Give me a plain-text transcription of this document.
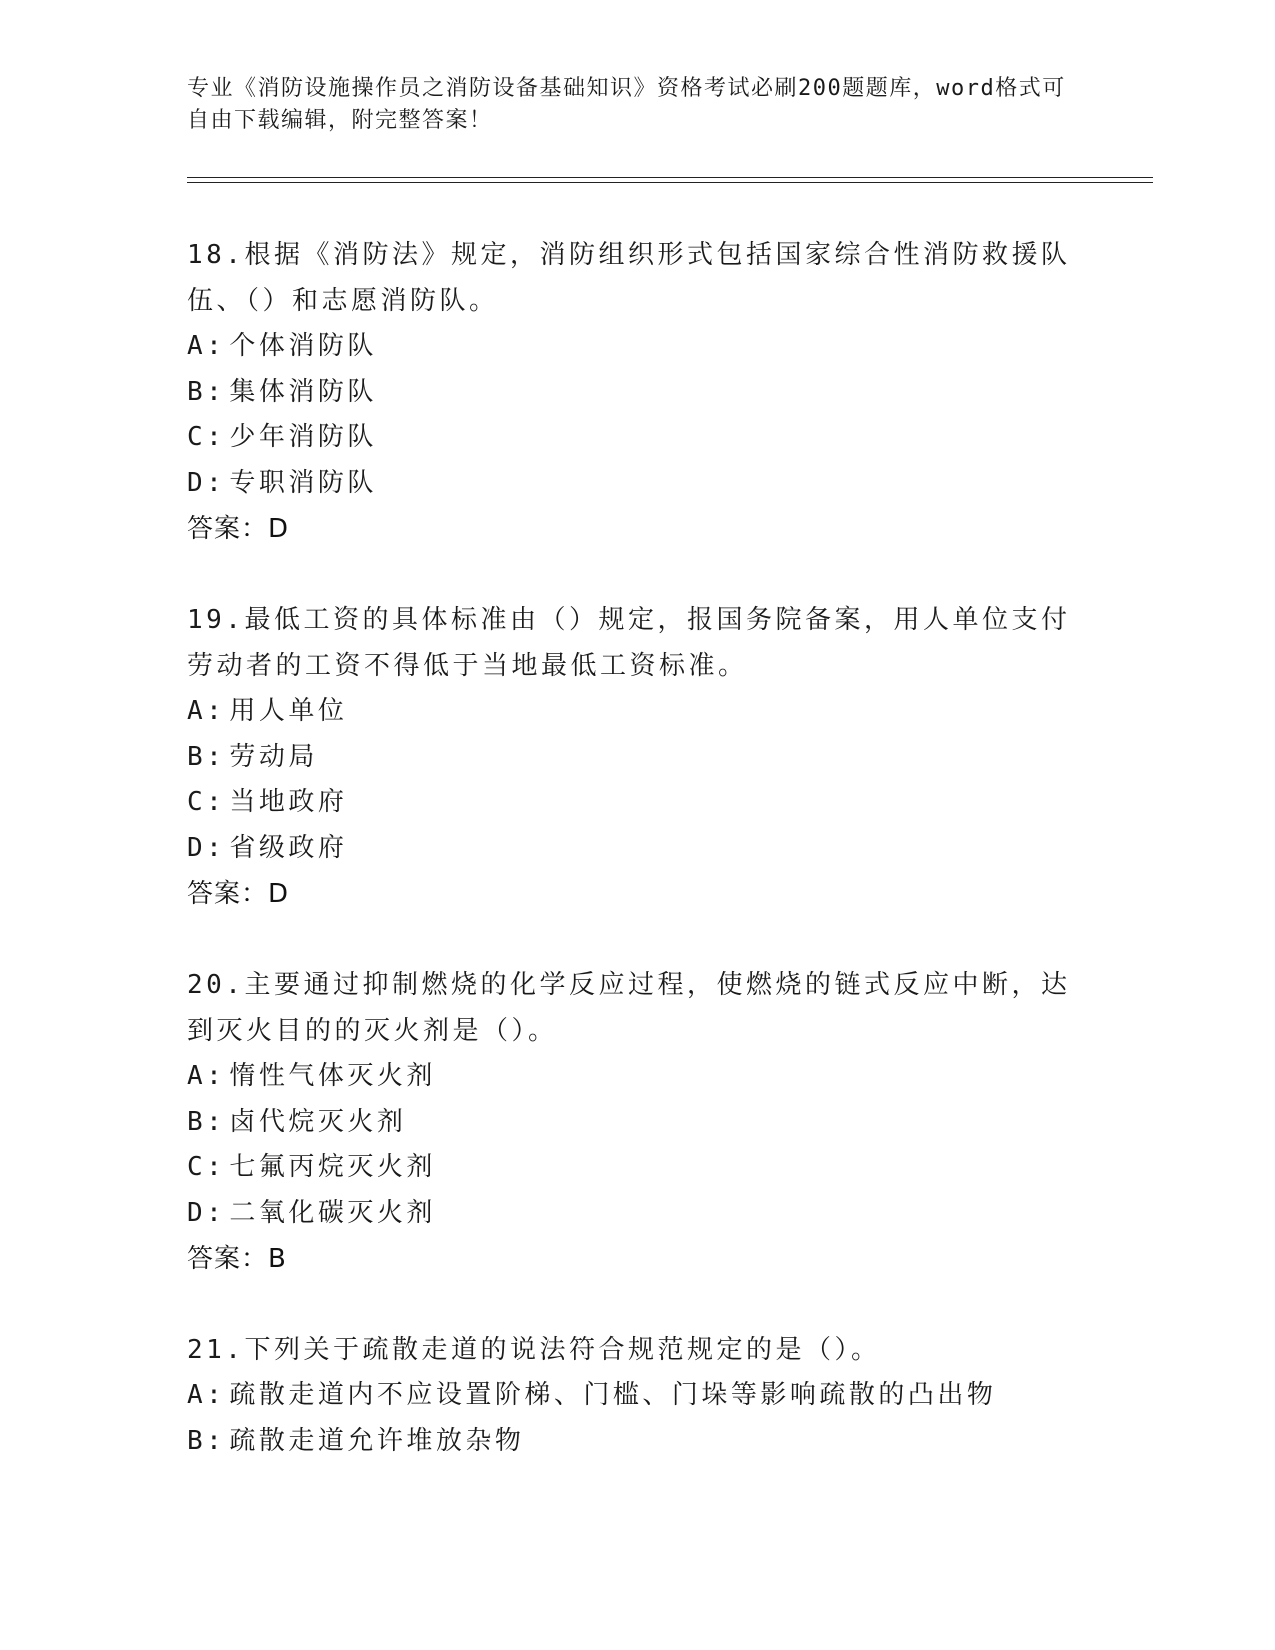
专业《消防设施操作员之消防设备基础知识》资格考试必刷200题题库，word格式可自由下载编辑，附完整答案！
18.根据《消防法》规定，消防组织形式包括国家综合性消防救援队伍、（）和志愿消防队。
A: 个体消防队
B: 集体消防队
C: 少年消防队
D: 专职消防队
答案：D
19.最低工资的具体标准由（）规定，报国务院备案，用人单位支付劳动者的工资不得低于当地最低工资标准。
A: 用人单位
B: 劳动局
C: 当地政府
D: 省级政府
答案：D
20.主要通过抑制燃烧的化学反应过程，使燃烧的链式反应中断，达到灭火目的的灭火剂是（）。
A: 惰性气体灭火剂
B: 卤代烷灭火剂
C: 七氟丙烷灭火剂
D: 二氧化碳灭火剂
答案：B
21.下列关于疏散走道的说法符合规范规定的是（）。
A: 疏散走道内不应设置阶梯、门槛、门垛等影响疏散的凸出物
B: 疏散走道允许堆放杂物
